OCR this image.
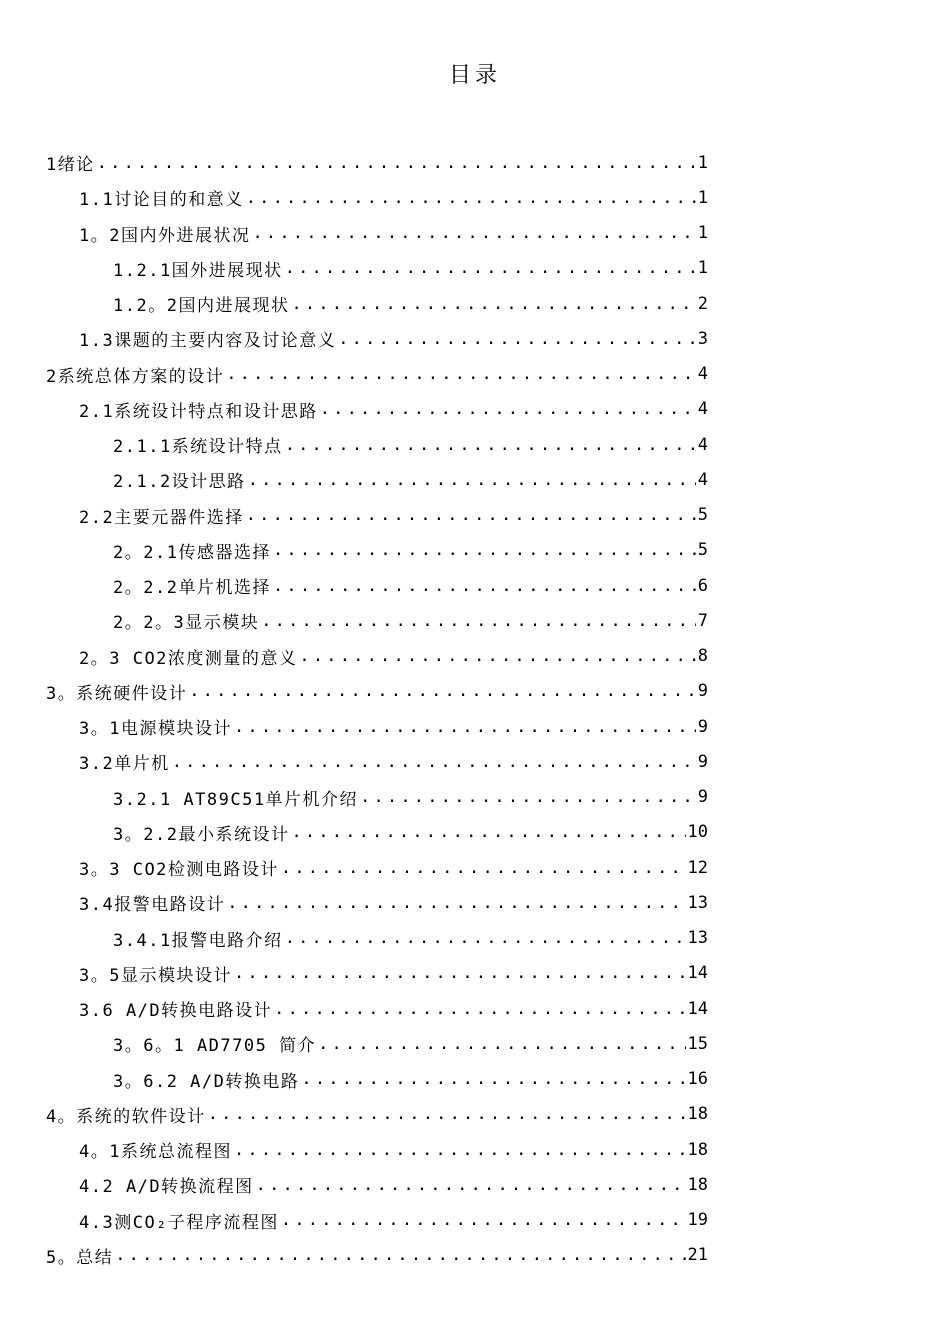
目录
1绪论 .....	1
1.1讨论目的和意义 .....	1
1。2国内外进展状况 .....	1
1.2.1国外进展现状 .....	1
1.2。2国内进展现状 .....	2
1.3课题的主要内容及讨论意义 .....	3
2系统总体方案的设计 .....	4
2.1系统设计特点和设计思路 .....	4
2.1.1系统设计特点 .....	4
2.1.2设计思路 .....	4
2.2主要元器件选择 .....	5
2。2.1传感器选择 .....	5
2。2.2单片机选择 .....	6
2。2。3显示模块 .....	7
2。3 CO2浓度测量的意义 .....	8
3。系统硬件设计 .....	9
3。1电源模块设计 .....	9
3.2单片机 .....	9
3.2.1 AT89C51单片机介绍 .....	9
3。2.2最小系统设计 .....	10
3。3 CO2检测电路设计 .....	12
3.4报警电路设计 .....	13
3.4.1报警电路介绍 .....	13
3。5显示模块设计 .....	14
3.6 A/D转换电路设计 .....	14
3。6。1 AD7705 简介 .....	15
3。6.2 A/D转换电路 .....	16
4。系统的软件设计 .....	18
4。1系统总流程图 .....	18
4.2 A/D转换流程图 .....	18
4.3测CO₂子程序流程图 .....	19
5。总结 .....	21
